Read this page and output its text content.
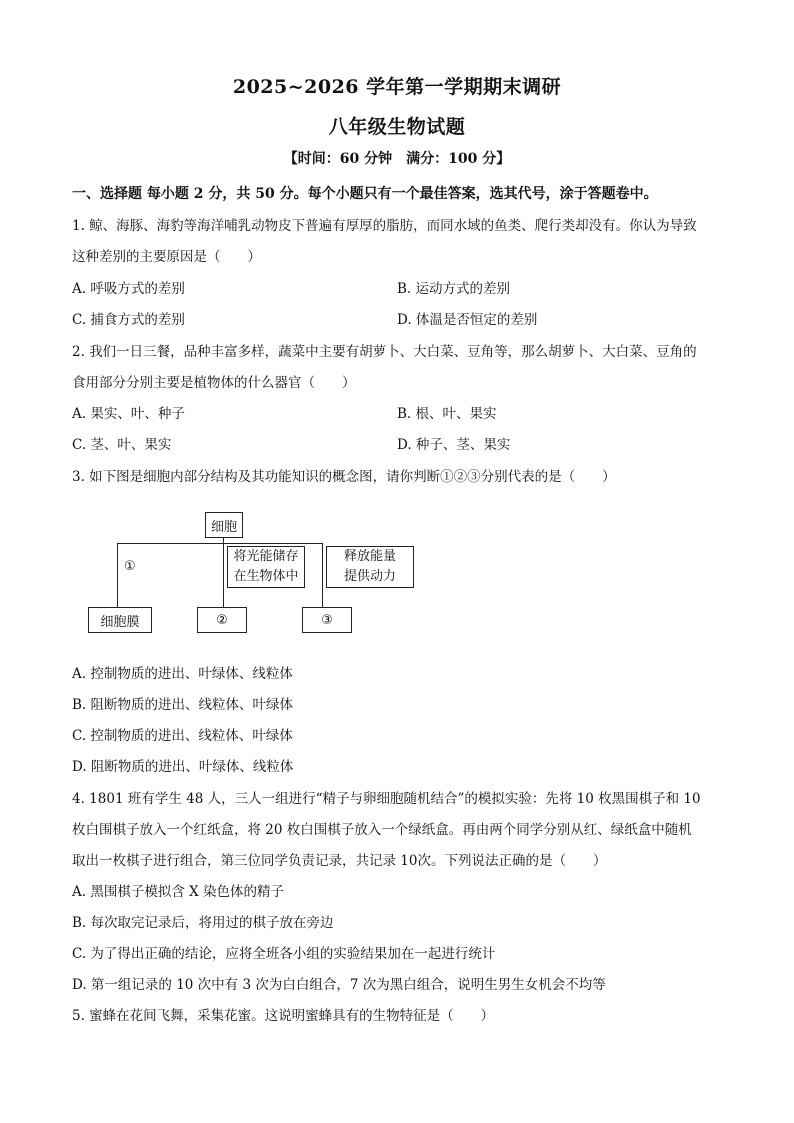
2025~2026 学年第一学期期末调研
八年级生物试题
【时间：60 分钟　满分：100 分】
一、选择题 每小题 2 分，共 50 分。每个小题只有一个最佳答案，选其代号，涂于答题卷中。
1. 鲸、海豚、海豹等海洋哺乳动物皮下普遍有厚厚的脂肪，而同水域的鱼类、爬行类却没有。你认为导致
这种差别的主要原因是（　　）
A. 呼吸方式的差别	B. 运动方式的差别
C. 捕食方式的差别	D. 体温是否恒定的差别
2. 我们一日三餐，品种丰富多样，蔬菜中主要有胡萝卜、大白菜、豆角等，那么胡萝卜、大白菜、豆角的
食用部分分别主要是植物体的什么器官（　　）
A. 果实、叶、种子	B. 根、叶、果实
C. 茎、叶、果实	D. 种子、茎、果实
3. 如下图是细胞内部分结构及其功能知识的概念图，请你判断①②③分别代表的是（　　）
细胞
①
将光能储存在生物体中
释放能量提供动力
细胞膜	②	③
A. 控制物质的进出、叶绿体、线粒体
B. 阻断物质的进出、线粒体、叶绿体
C. 控制物质的进出、线粒体、叶绿体
D. 阻断物质的进出、叶绿体、线粒体
4. 1801 班有学生 48 人，三人一组进行“精子与卵细胞随机结合”的模拟实验：先将 10 枚黑围棋子和 10
枚白围棋子放入一个红纸盒，将 20 枚白围棋子放入一个绿纸盒。再由两个同学分别从红、绿纸盒中随机
取出一枚棋子进行组合，第三位同学负责记录，共记录 10次。下列说法正确的是（　　）
A. 黑围棋子模拟含 X 染色体的精子
B. 每次取完记录后，将用过的棋子放在旁边
C. 为了得出正确的结论，应将全班各小组的实验结果加在一起进行统计
D. 第一组记录的 10 次中有 3 次为白白组合，7 次为黑白组合，说明生男生女机会不均等
5. 蜜蜂在花间飞舞，采集花蜜。这说明蜜蜂具有的生物特征是（　　）
